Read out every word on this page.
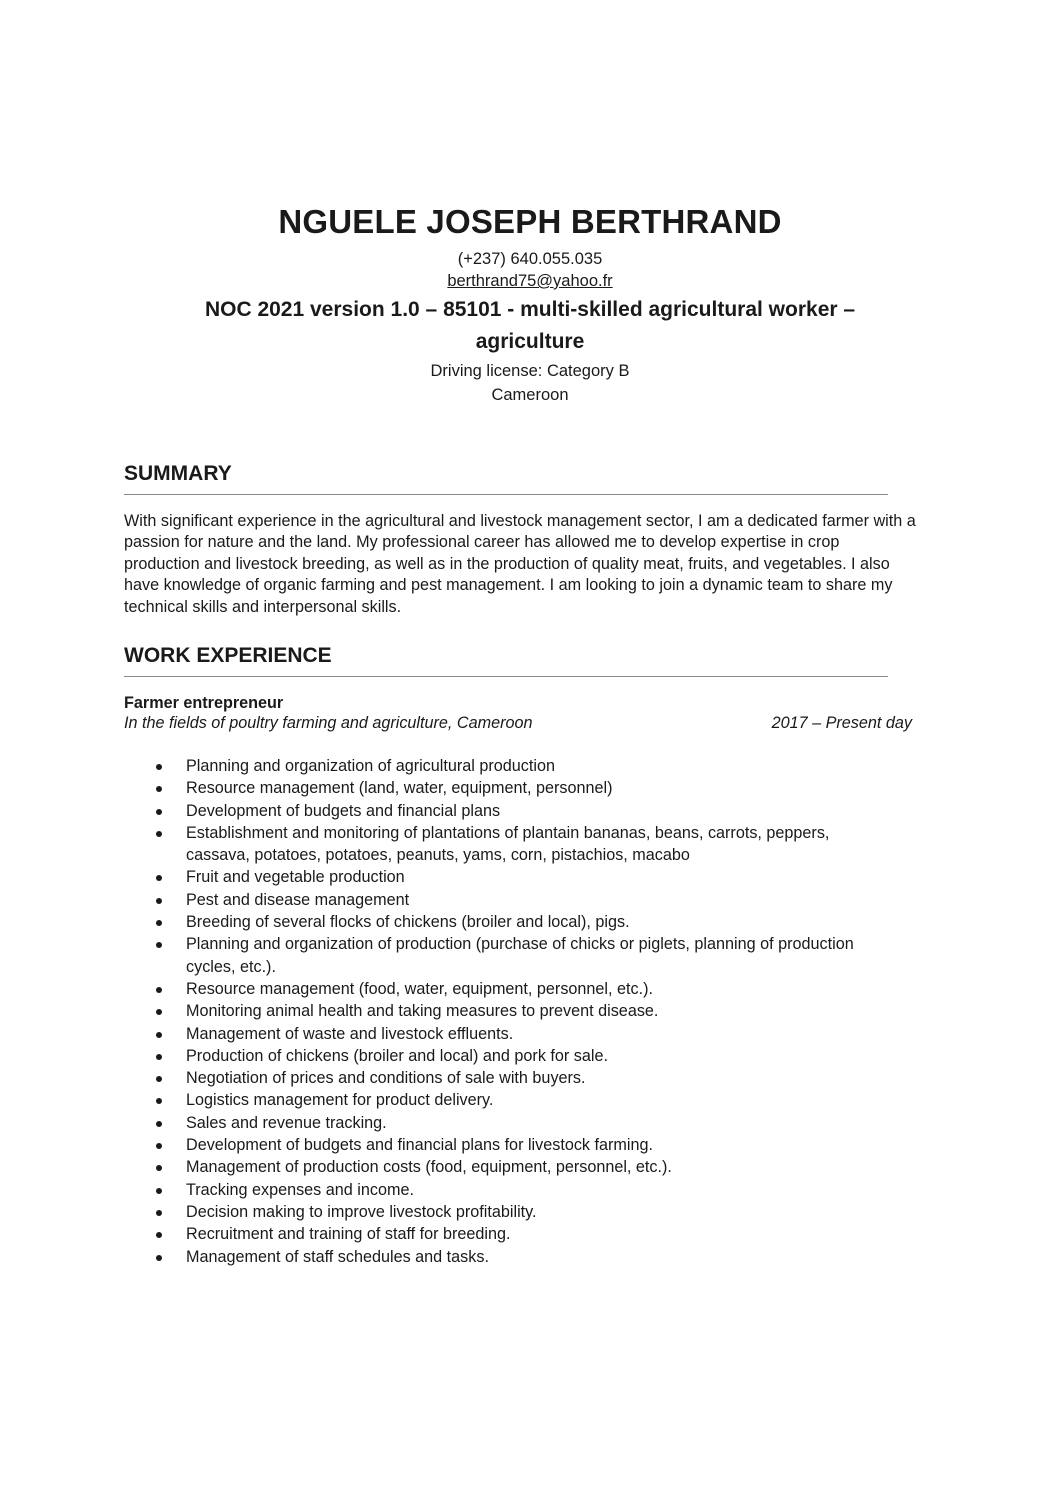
NGUELE JOSEPH BERTHRAND
(+237) 640.055.035
berthrand75@yahoo.fr
NOC 2021 version 1.0 – 85101 - multi-skilled agricultural worker –
agriculture
Driving license: Category B
Cameroon
SUMMARY
With significant experience in the agricultural and livestock management sector, I am a dedicated farmer with a passion for nature and the land. My professional career has allowed me to develop expertise in crop production and livestock breeding, as well as in the production of quality meat, fruits, and vegetables. I also have knowledge of organic farming and pest management. I am looking to join a dynamic team to share my technical skills and interpersonal skills.
WORK EXPERIENCE
Farmer entrepreneur
In the fields of poultry farming and agriculture, Cameroon	2017 – Present day
Planning and organization of agricultural production
Resource management (land, water, equipment, personnel)
Development of budgets and financial plans
Establishment and monitoring of plantations of plantain bananas, beans, carrots, peppers, cassava, potatoes, potatoes, peanuts, yams, corn, pistachios, macabo
Fruit and vegetable production
Pest and disease management
Breeding of several flocks of chickens (broiler and local), pigs.
Planning and organization of production (purchase of chicks or piglets, planning of production cycles, etc.).
Resource management (food, water, equipment, personnel, etc.).
Monitoring animal health and taking measures to prevent disease.
Management of waste and livestock effluents.
Production of chickens (broiler and local) and pork for sale.
Negotiation of prices and conditions of sale with buyers.
Logistics management for product delivery.
Sales and revenue tracking.
Development of budgets and financial plans for livestock farming.
Management of production costs (food, equipment, personnel, etc.).
Tracking expenses and income.
Decision making to improve livestock profitability.
Recruitment and training of staff for breeding.
Management of staff schedules and tasks.
